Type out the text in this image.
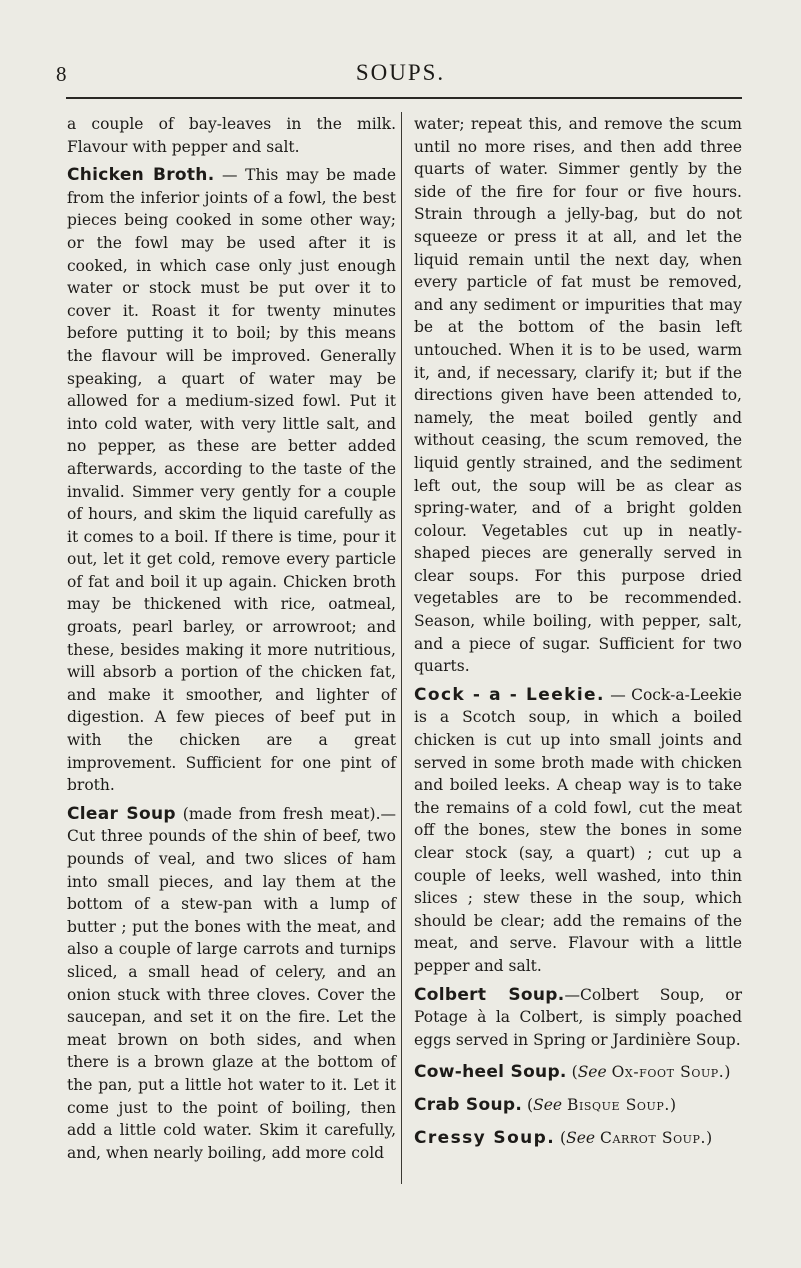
8	SOUPS.

a couple of bay-leaves in the milk. Flavour with pepper and salt.

Chicken Broth. — This may be made from the inferior joints of a fowl, the best pieces being cooked in some other way; or the fowl may be used after it is cooked, in which case only just enough water or stock must be put over it to cover it. Roast it for twenty minutes before putting it to boil; by this means the flavour will be improved. Generally speaking, a quart of water may be allowed for a medium-sized fowl. Put it into cold water, with very little salt, and no pepper, as these are better added afterwards, according to the taste of the invalid. Simmer very gently for a couple of hours, and skim the liquid carefully as it comes to a boil. If there is time, pour it out, let it get cold, remove every particle of fat and boil it up again. Chicken broth may be thickened with rice, oatmeal, groats, pearl barley, or arrowroot; and these, besides making it more nutritious, will absorb a portion of the chicken fat, and make it smoother, and lighter of digestion. A few pieces of beef put in with the chicken are a great improvement. Sufficient for one pint of broth.

Clear Soup (made from fresh meat).— Cut three pounds of the shin of beef, two pounds of veal, and two slices of ham into small pieces, and lay them at the bottom of a stew-pan with a lump of butter ; put the bones with the meat, and also a couple of large carrots and turnips sliced, a small head of celery, and an onion stuck with three cloves. Cover the saucepan, and set it on the fire. Let the meat brown on both sides, and when there is a brown glaze at the bottom of the pan, put a little hot water to it. Let it come just to the point of boiling, then add a little cold water. Skim it carefully, and, when nearly boiling, add more cold

water; repeat this, and remove the scum until no more rises, and then add three quarts of water. Simmer gently by the side of the fire for four or five hours. Strain through a jelly-bag, but do not squeeze or press it at all, and let the liquid remain until the next day, when every particle of fat must be removed, and any sediment or impurities that may be at the bottom of the basin left untouched. When it is to be used, warm it, and, if necessary, clarify it; but if the directions given have been attended to, namely, the meat boiled gently and without ceasing, the scum removed, the liquid gently strained, and the sediment left out, the soup will be as clear as spring-water, and of a bright golden colour. Vegetables cut up in neatly-shaped pieces are generally served in clear soups. For this purpose dried vegetables are to be recommended. Season, while boiling, with pepper, salt, and a piece of sugar. Sufficient for two quarts.

Cock - a - Leekie. — Cock-a-Leekie is a Scotch soup, in which a boiled chicken is cut up into small joints and served in some broth made with chicken and boiled leeks. A cheap way is to take the remains of a cold fowl, cut the meat off the bones, stew the bones in some clear stock (say, a quart) ; cut up a couple of leeks, well washed, into thin slices ; stew these in the soup, which should be clear; add the remains of the meat, and serve. Flavour with a little pepper and salt.

Colbert Soup.—Colbert Soup, or Potage à la Colbert, is simply poached eggs served in Spring or Jardinière Soup.

Cow-heel Soup. (See Ox-foot Soup.)

Crab Soup. (See Bisque Soup.)

Cressy Soup. (See Carrot Soup.)
